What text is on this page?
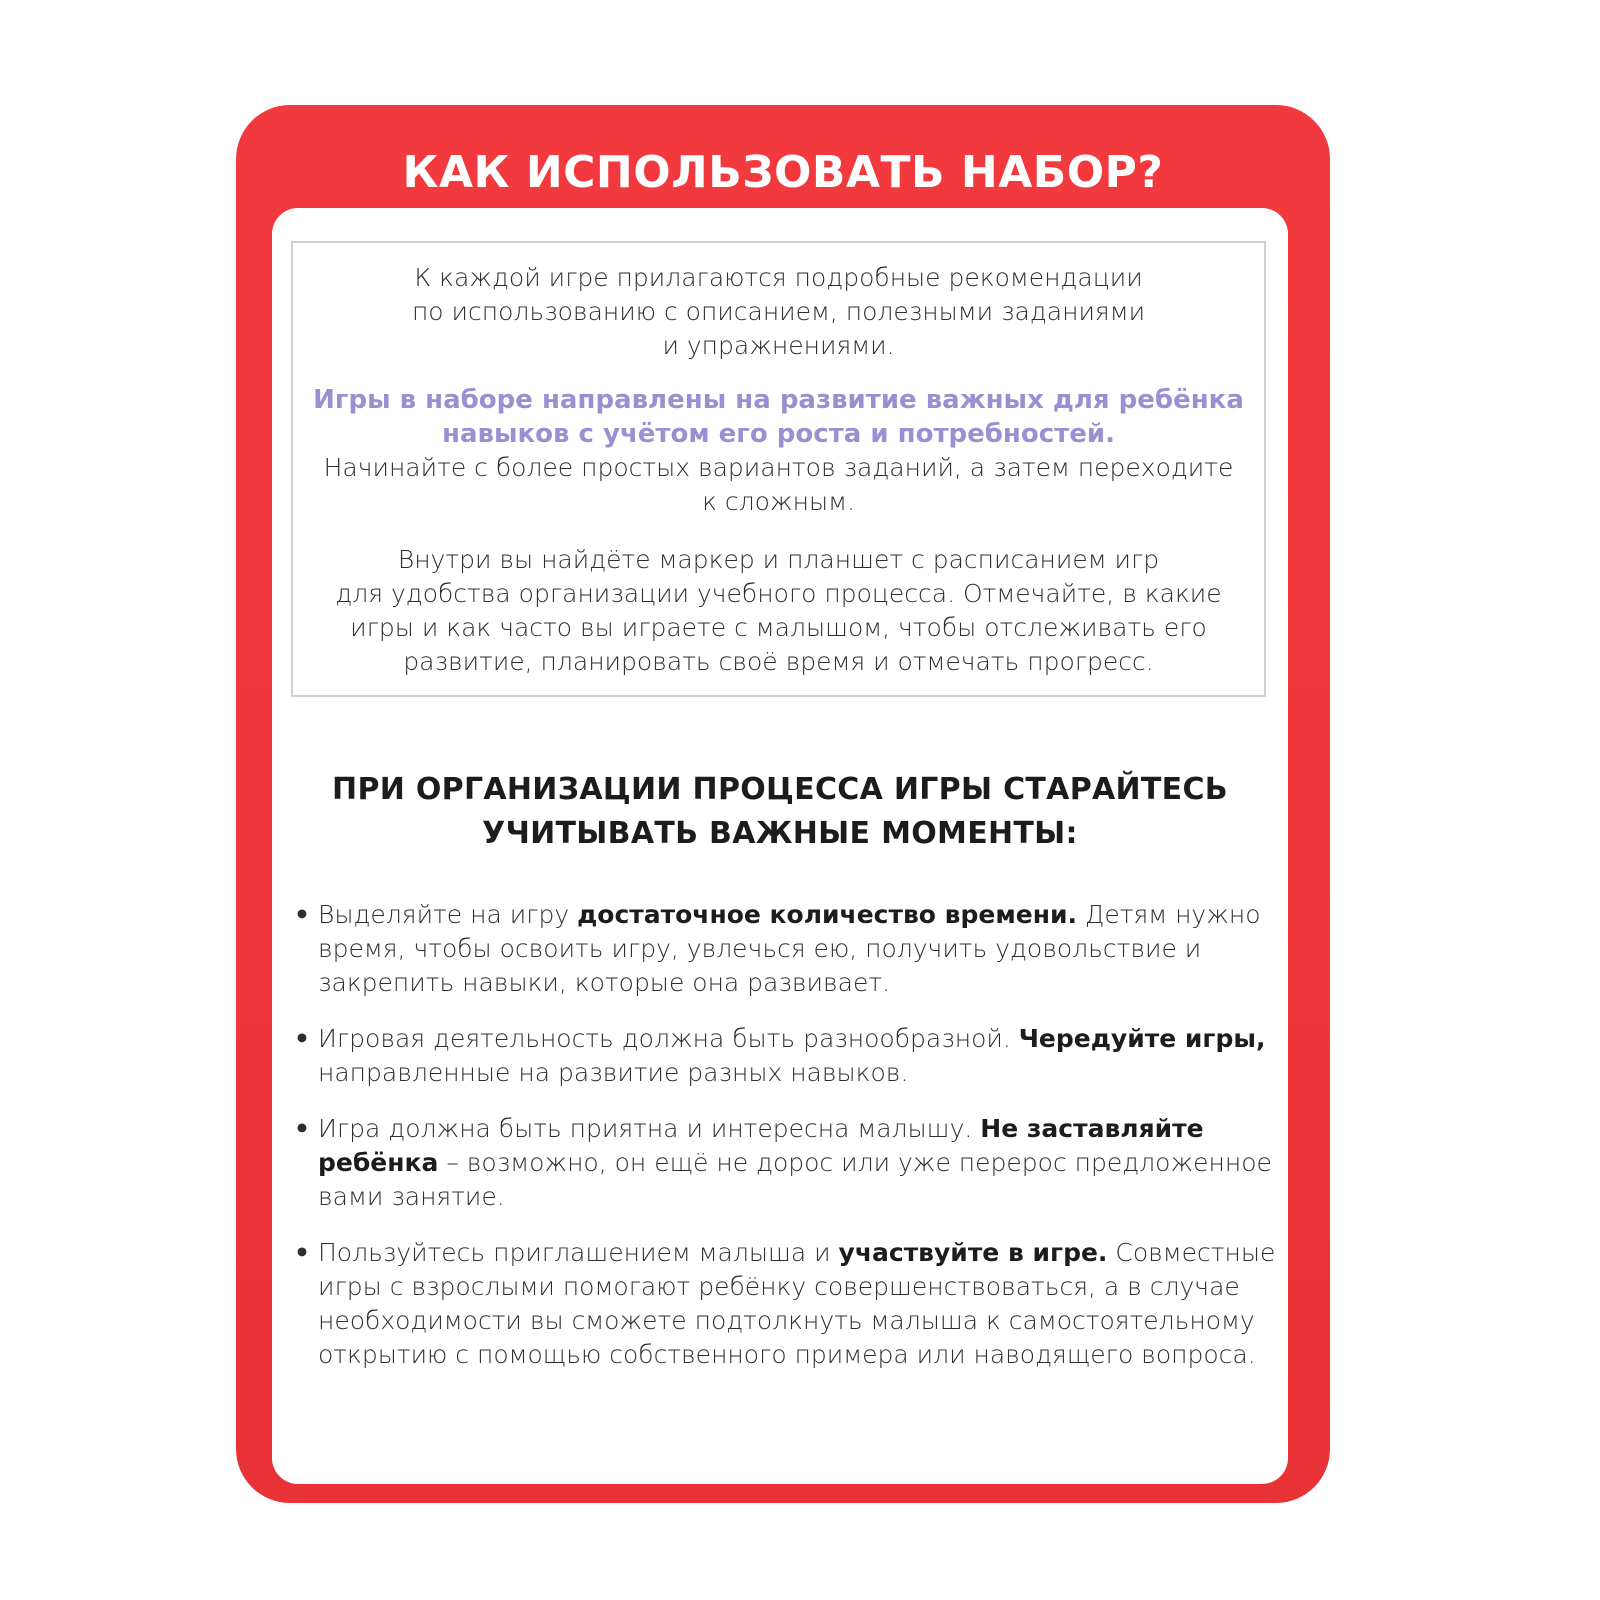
КАК ИСПОЛЬЗОВАТЬ НАБОР?
К каждой игре прилагаются подробные рекомендации
по использованию с описанием, полезными заданиями
и упражнениями.
Игры в наборе направлены на развитие важных для ребёнка
навыков с учётом его роста и потребностей.
Начинайте с более простых вариантов заданий, а затем переходите
к сложным.
Внутри вы найдёте маркер и планшет с расписанием игр
для удобства организации учебного процесса. Отмечайте, в какие
игры и как часто вы играете с малышом, чтобы отслеживать его
развитие, планировать своё время и отмечать прогресс.
ПРИ ОРГАНИЗАЦИИ ПРОЦЕССА ИГРЫ СТАРАЙТЕСЬ
УЧИТЫВАТЬ ВАЖНЫЕ МОМЕНТЫ:
• Выделяйте на игру достаточное количество времени. Детям нужно время, чтобы освоить игру, увлечься ею, получить удовольствие и закрепить навыки, которые она развивает.
• Игровая деятельность должна быть разнообразной. Чередуйте игры, направленные на развитие разных навыков.
• Игра должна быть приятна и интересна малышу. Не заставляйте ребёнка – возможно, он ещё не дорос или уже перерос предложенное вами занятие.
• Пользуйтесь приглашением малыша и участвуйте в игре. Совместные игры с взрослыми помогают ребёнку совершенствоваться, а в случае необходимости вы сможете подтолкнуть малыша к самостоятельному открытию с помощью собственного примера или наводящего вопроса.
